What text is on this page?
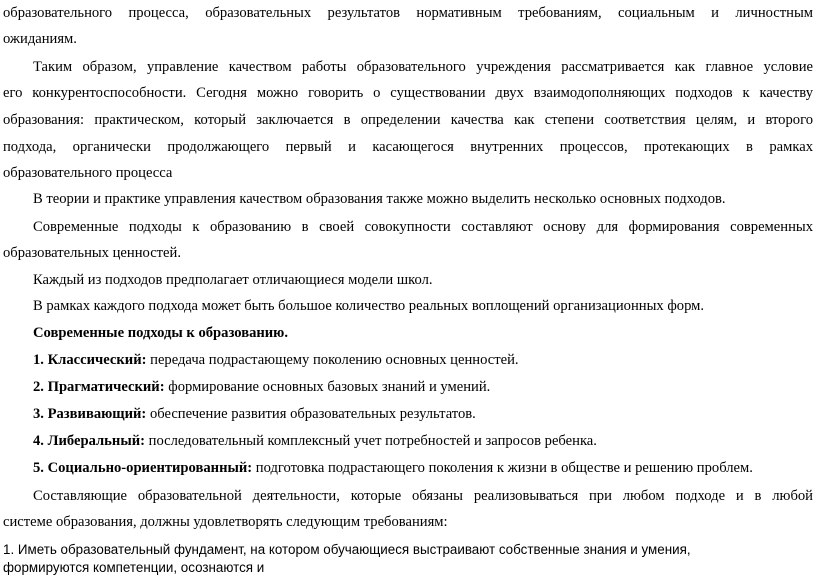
образовательного процесса, образовательных результатов нормативным требованиям, социальным и личностным
ожиданиям.
Таким образом, управление качеством работы образовательного учреждения рассматривается как главное условие
его конкурентоспособности. Сегодня можно говорить о существовании двух взаимодополняющих подходов к качеству
образования: практическом, который заключается в определении качества как степени соответствия целям, и второго
подхода, органически продолжающего первый и касающегося внутренних процессов, протекающих в рамках
образовательного процесса
В теории и практике управления качеством образования также можно выделить несколько основных подходов.
Современные подходы к образованию в своей совокупности составляют основу для формирования современных
образовательных ценностей.
Каждый из подходов предполагает отличающиеся модели школ.
В рамках каждого подхода может быть большое количество реальных воплощений организационных форм.
Современные подходы к образованию.
1. Классический: передача подрастающему поколению основных ценностей.
2. Прагматический: формирование основных базовых знаний и умений.
3. Развивающий: обеспечение развития образовательных результатов.
4. Либеральный: последовательный комплексный учет потребностей и запросов ребенка.
5. Социально-ориентированный: подготовка подрастающего поколения к жизни в обществе и решению проблем.
Составляющие образовательной деятельности, которые обязаны реализовываться при любом подходе и в любой
системе образования, должны удовлетворять следующим требованиям:
1. Иметь образовательный фундамент, на котором обучающиеся выстраивают собственные знания и умения,
формируются компетенции, осознаются и
